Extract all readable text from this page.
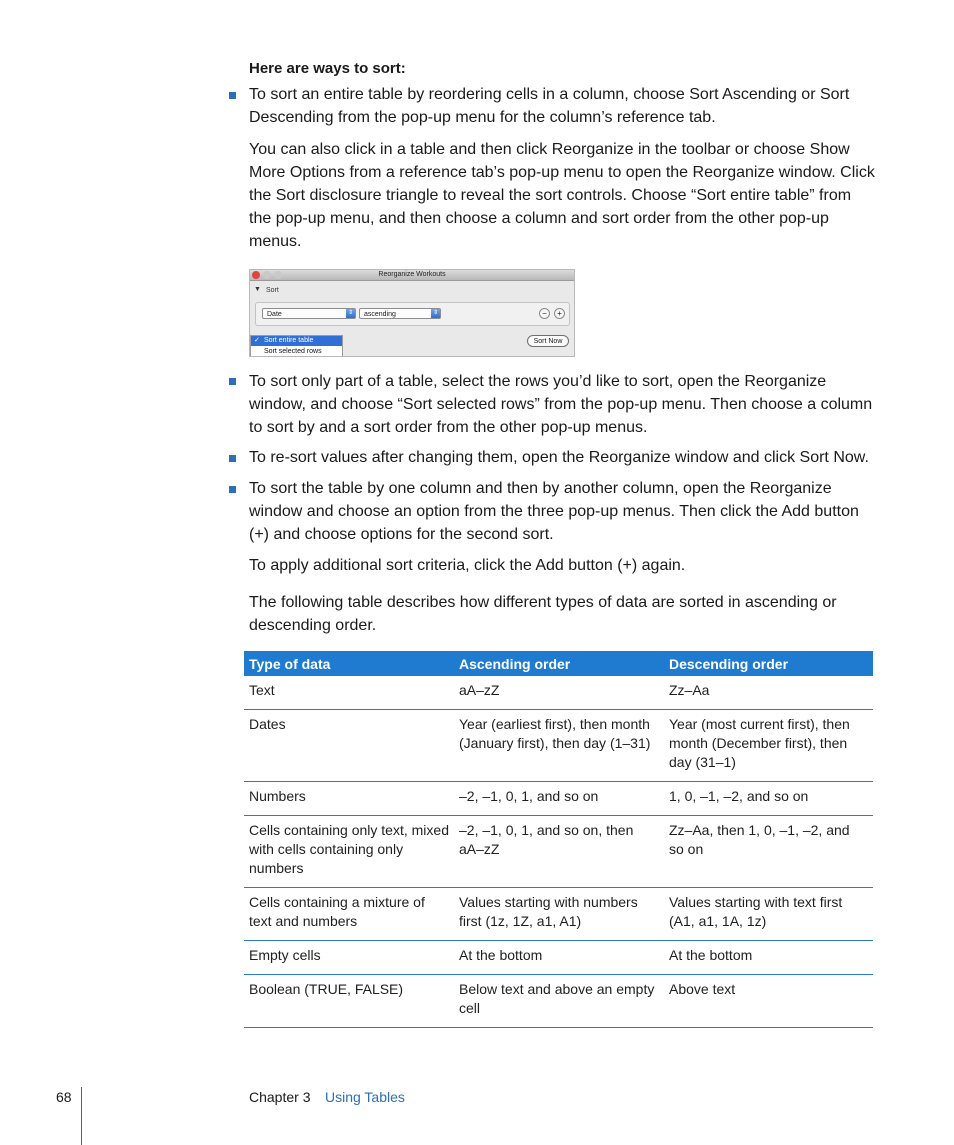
Here are ways to sort:
To sort an entire table by reordering cells in a column, choose Sort Ascending or Sort Descending from the pop-up menu for the column’s reference tab.
You can also click in a table and then click Reorganize in the toolbar or choose Show More Options from a reference tab’s pop-up menu to open the Reorganize window. Click the Sort disclosure triangle to reveal the sort controls. Choose “Sort entire table” from the pop-up menu, and then choose a column and sort order from the other pop-up menus.
Reorganize Workouts
▼ Sort
Date	⇕	ascending	⇕	−	+
✓ Sort entire table
Sort selected rows
Sort Now
To sort only part of a table, select the rows you’d like to sort, open the Reorganize window, and choose “Sort selected rows” from the pop-up menu. Then choose a column to sort by and a sort order from the other pop-up menus.
To re-sort values after changing them, open the Reorganize window and click Sort Now.
To sort the table by one column and then by another column, open the Reorganize window and choose an option from the three pop-up menus. Then click the Add button (+) and choose options for the second sort.
To apply additional sort criteria, click the Add button (+) again.
The following table describes how different types of data are sorted in ascending or descending order.
Type of data	Ascending order	Descending order
Text	aA–zZ	Zz–Aa
Dates	Year (earliest first), then month (January first), then day (1–31)	Year (most current first), then month (December first), then day (31–1)
Numbers	–2, –1, 0, 1, and so on	1, 0, –1, –2, and so on
Cells containing only text, mixed with cells containing only numbers	–2, –1, 0, 1, and so on, then aA–zZ	Zz–Aa, then 1, 0, –1, –2, and so on
Cells containing a mixture of text and numbers	Values starting with numbers first (1z, 1Z, a1, A1)	Values starting with text first (A1, a1, 1A, 1z)
Empty cells	At the bottom	At the bottom
Boolean (TRUE, FALSE)	Below text and above an empty cell	Above text
68	Chapter 3 Using Tables
